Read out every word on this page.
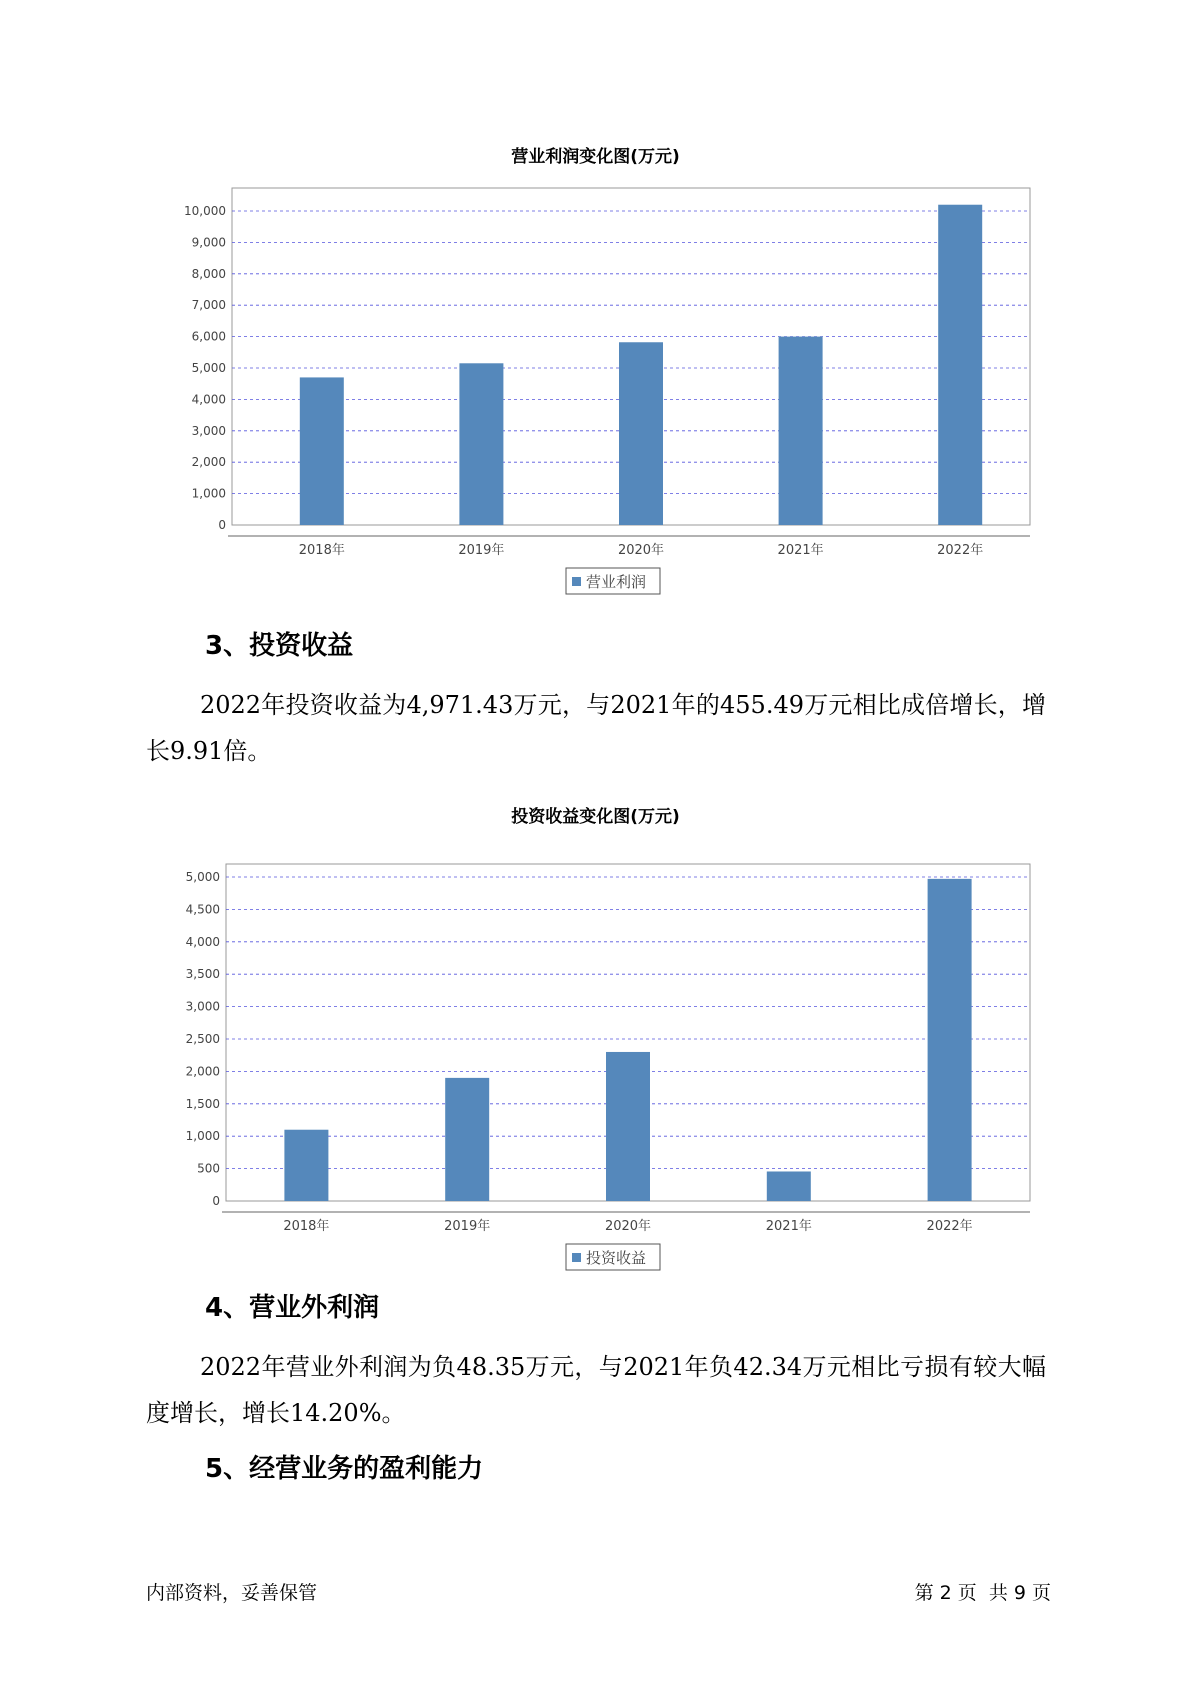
营业利润变化图(万元)
0
1,000
2,000
3,000
4,000
5,000
6,000
7,000
8,000
9,000
10,000
2018年	2019年	2020年	2021年	2022年
营业利润
3、投资收益

2022年投资收益为4,971.43万元，与2021年的455.49万元相比成倍增长，增长9.91倍。

投资收益变化图(万元)
0
500
1,000
1,500
2,000
2,500
3,000
3,500
4,000
4,500
5,000
2018年	2019年	2020年	2021年	2022年
投资收益
4、营业外利润

2022年营业外利润为负48.35万元，与2021年负42.34万元相比亏损有较大幅度增长，增长14.20%。

5、经营业务的盈利能力
内部资料，妥善保管	第 2 页  共 9 页
